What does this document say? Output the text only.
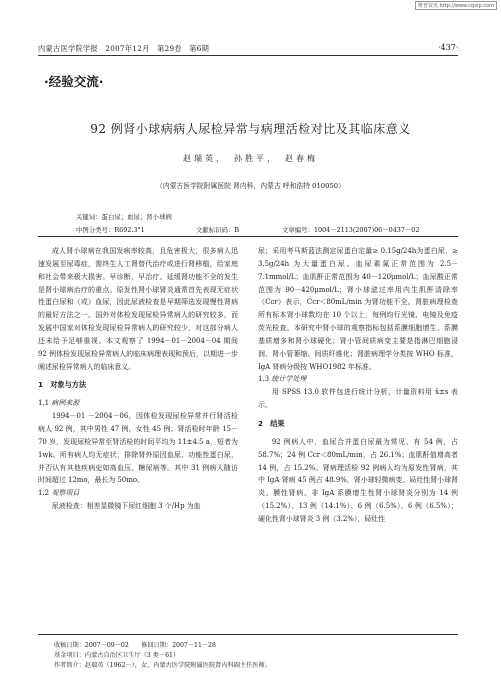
维普资讯 http://www.cqvip.com
内蒙古医学院学报　2007年12月　第29卷　第6期	·437·
·经验交流·
92 例肾小球病病人尿检异常与病理活检对比及其临床意义
赵瑞英，　孙胜平，　赵春梅
（内蒙古医学院附属医院 肾内科，内蒙古 呼和浩特 010050）
关键词：蛋白尿；血尿；肾小球病
中图分类号：R692.3°1	文献标识码：B	文章编号：1004－2113(2007)06－0437－02

成人肾小球病在我国发病率较高，且危害极大，很多病人迅速发展至尿毒症，需终生人工肾替代治疗或进行肾移植，给家庭和社会带来极大损害。早诊断、早治疗、延缓肾功能不全的发生是肾小球病治疗的重点。原发性肾小球肾炎通常首先表现无症状性蛋白尿和（或）血尿，因此尿液检查是早期筛选发现慢性肾病的最好方法之一。国外对体检发现尿检异常病人的研究较多，而发展中国家对体检发现尿检异常病人的研究较少，对这部分病人还未给予足够重视。本文观察了 1994－01－2004－04 期间 92 例体检发现尿检异常病人的临床病理表现和预后，以期进一步阐述尿检异常病人的临床意义。

1　对象与方法

1.1 病例来源

1994－01 －2004－06，因体检发现尿检异常并行肾活检病人 92 例，其中男性 47 例，女性 45 例；肾活检时年龄 15－70 岁，发现尿检异常至肾活检的时间平均为 11±4.5 a，短者为 1wk。所有病人均无症状，排除肾外原因血尿、功能性蛋白尿，并否认有其他疾病史如高血压、糖尿病等。其中 31 例病人随访时间超过 12mo，最长为 50mo。

1.2 观察项目

尿液检查：相差显微镜下尿红细胞 3 个/Hp 为血

尿；采用考马斯蓝法测定尿蛋白定量≥ 0.15g/24h为蛋白尿，≥ 3.5g/24h 为大量蛋白尿。血尿素氮正常范围为 2.5－7.1mmol/L；血肌酐正常范围为 40－120μmol/L；血尿酸正常范围为 90－420μmol/L；肾小球滤过率用内生肌酐清除率（Ccr）表示，Ccr＜80mL/min 为肾功能不全。肾脏病理检查所有标本肾小球数均在 10 个以上，每例均行光镜、电镜及免疫荧光检查。本研究中肾小球的观察指标包括系膜细胞增生、系膜基质增多和肾小球硬化；肾小管间质病变主要是指淋巴细胞浸润、肾小管萎缩、间质纤维化；肾脏病理学分类按 WHO 标准，IgA 肾病分级按 WHO1982 年标准。

1.3 统计学处理

用 SPSS 13.0 软件包进行统计分析，计量资料用 x̄±s 表示。

2　结果

92 例病人中，血尿合并蛋白尿最为常见，有 54 例，占 58.7%；24 例 Ccr＜80mL/min，占 26.1%；血肌酐值增高者 14 例，占 15.2%。肾病理活检 92 例病人均为原发性肾病，其中 IgA 肾病 45 例占 48.9%，肾小球轻微病变、局灶性肾小球肾炎、膜性肾病、非 IgA 系膜增生性肾小球肾炎分别为 14 例（15.2%）、13 例（14.1%）、6 例（6.5%）、6 例（6.5%）；硬化性肾小球肾炎 3 例（3.2%），局灶性

收稿日期：2007－09－02　　修回日期：2007－11－28
基金项目：内蒙古自治区卫生厅（3 类－61）
作者简介：赵瑞英（1962－），女，内蒙古医学院附属医院肾内科副主任医师。
